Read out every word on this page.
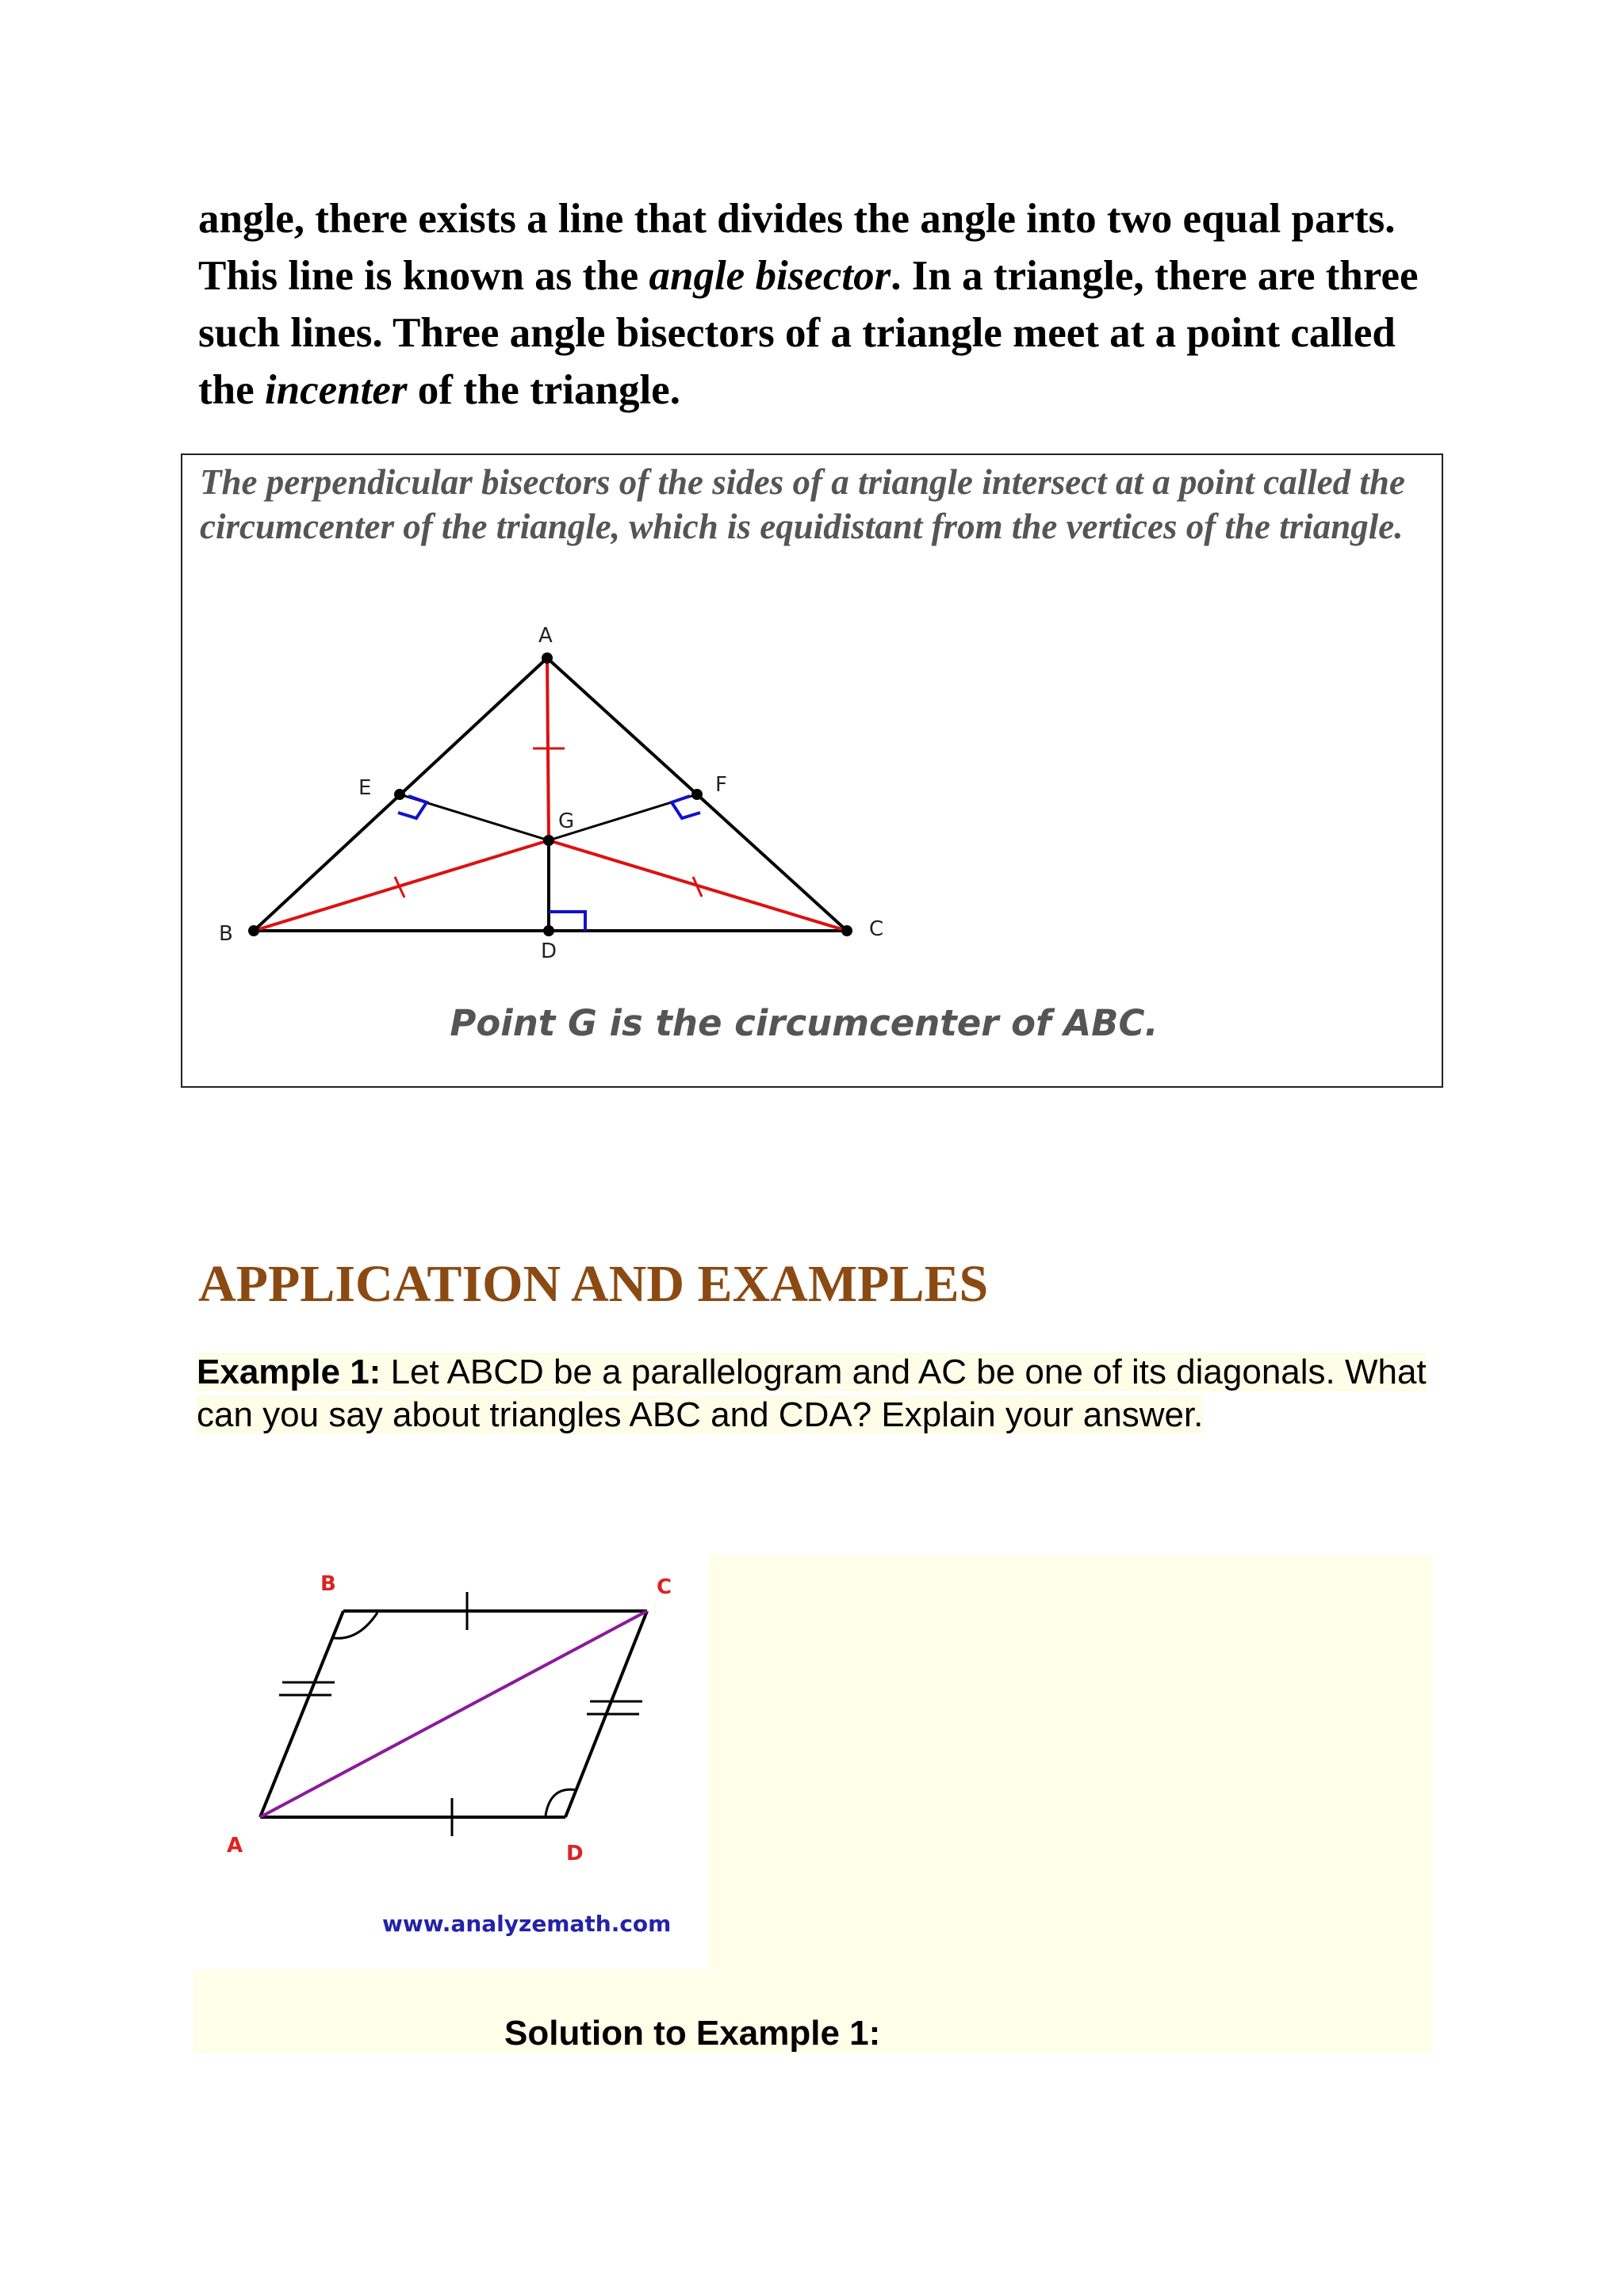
angle, there exists a line that divides the angle into two equal parts. This line is known as the angle bisector. In a triangle, there are three such lines. Three angle bisectors of a triangle meet at a point called the incenter of the triangle.

The perpendicular bisectors of the sides of a triangle intersect at a point called the circumcenter of the triangle, which is equidistant from the vertices of the triangle.

A
B	C
D
E	F
G
Point G is the circumcenter of ABC.
APPLICATION AND EXAMPLES

Example 1: Let ABCD be a parallelogram and AC be one of its diagonals. What can you say about triangles ABC and CDA? Explain your answer.

A
B	C
D
www.analyzemath.com

Solution to Example 1:
